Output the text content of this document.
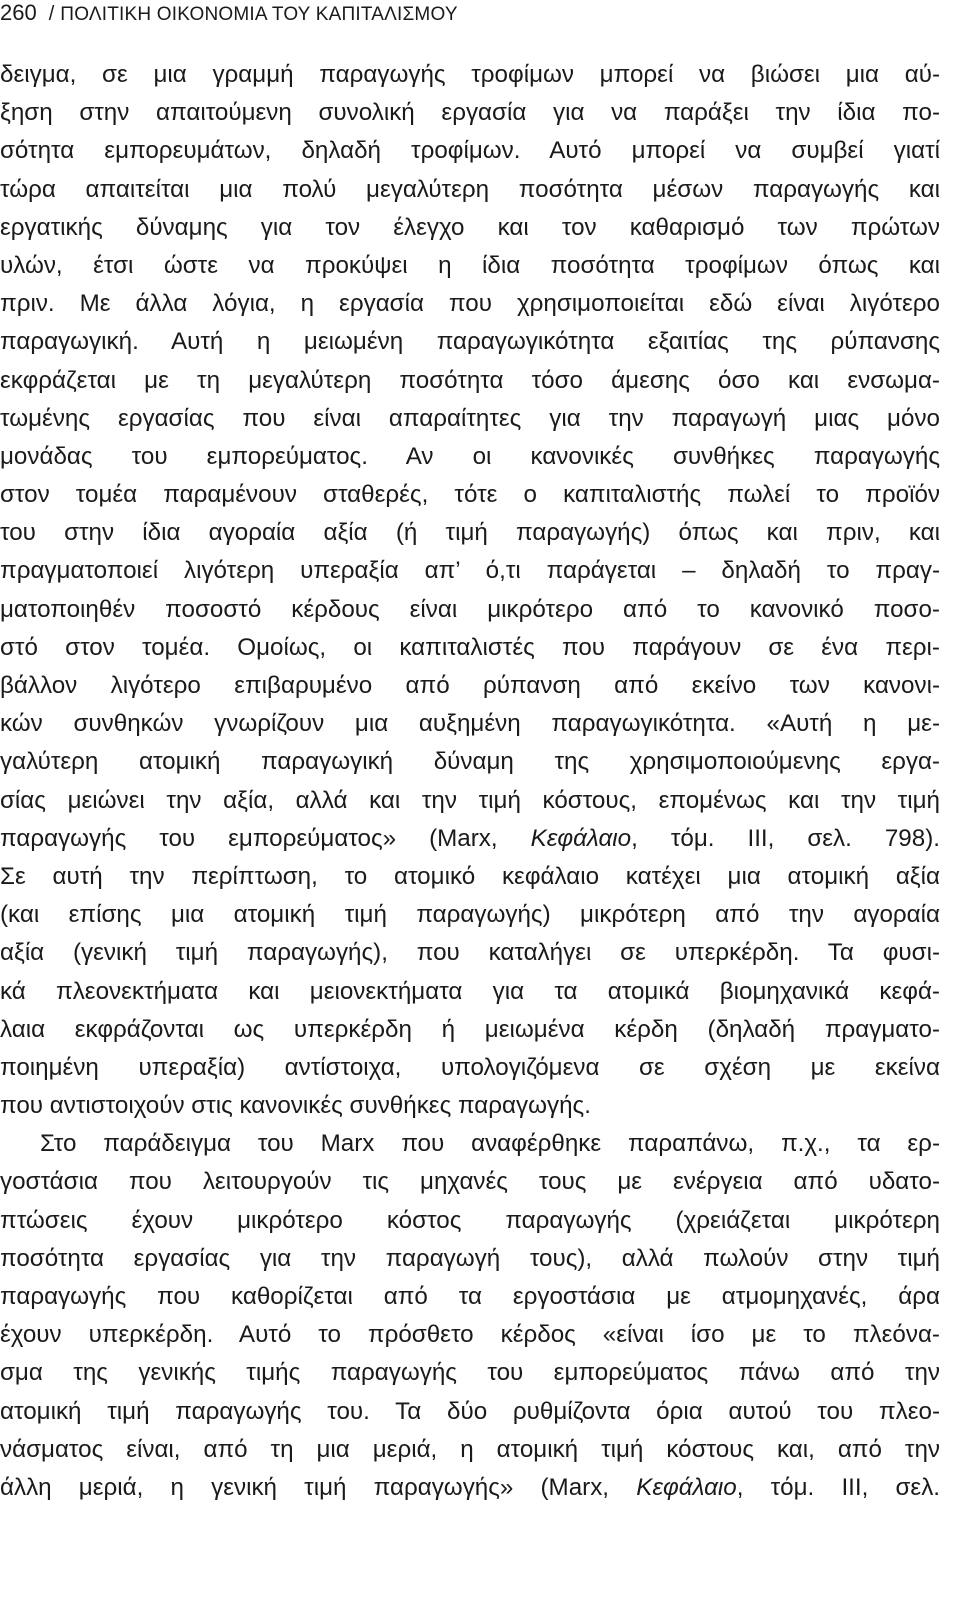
260 / ΠΟΛΙΤΙΚΗ ΟΙΚΟΝΟΜΙΑ ΤΟΥ ΚΑΠΙΤΑΛΙΣΜΟΥ
δειγμα, σε μια γραμμή παραγωγής τροφίμων μπορεί να βιώσει μια αύ-
ξηση στην απαιτούμενη συνολική εργασία για να παράξει την ίδια πο-
σότητα εμπορευμάτων, δηλαδή τροφίμων. Αυτό μπορεί να συμβεί γιατί
τώρα απαιτείται μια πολύ μεγαλύτερη ποσότητα μέσων παραγωγής και
εργατικής δύναμης για τον έλεγχο και τον καθαρισμό των πρώτων
υλών, έτσι ώστε να προκύψει η ίδια ποσότητα τροφίμων όπως και
πριν. Με άλλα λόγια, η εργασία που χρησιμοποιείται εδώ είναι λιγότερο
παραγωγική. Αυτή η μειωμένη παραγωγικότητα εξαιτίας της ρύπανσης
εκφράζεται με τη μεγαλύτερη ποσότητα τόσο άμεσης όσο και ενσωμα-
τωμένης εργασίας που είναι απαραίτητες για την παραγωγή μιας μόνο
μονάδας του εμπορεύματος. Αν οι κανονικές συνθήκες παραγωγής
στον τομέα παραμένουν σταθερές, τότε ο καπιταλιστής πωλεί το προϊόν
του στην ίδια αγοραία αξία (ή τιμή παραγωγής) όπως και πριν, και
πραγματοποιεί λιγότερη υπεραξία απ’ ό,τι παράγεται – δηλαδή το πραγ-
ματοποιηθέν ποσοστό κέρδους είναι μικρότερο από το κανονικό ποσο-
στό στον τομέα. Ομοίως, οι καπιταλιστές που παράγουν σε ένα περι-
βάλλον λιγότερο επιβαρυμένο από ρύπανση από εκείνο των κανονι-
κών συνθηκών γνωρίζουν μια αυξημένη παραγωγικότητα. «Αυτή η με-
γαλύτερη ατομική παραγωγική δύναμη της χρησιμοποιούμενης εργα-
σίας μειώνει την αξία, αλλά και την τιμή κόστους, επομένως και την τιμή
παραγωγής του εμπορεύματος» (Marx, Κεφάλαιο, τόμ. III, σελ. 798).
Σε αυτή την περίπτωση, το ατομικό κεφάλαιο κατέχει μια ατομική αξία
(και επίσης μια ατομική τιμή παραγωγής) μικρότερη από την αγοραία
αξία (γενική τιμή παραγωγής), που καταλήγει σε υπερκέρδη. Τα φυσι-
κά πλεονεκτήματα και μειονεκτήματα για τα ατομικά βιομηχανικά κεφά-
λαια εκφράζονται ως υπερκέρδη ή μειωμένα κέρδη (δηλαδή πραγματο-
ποιημένη υπεραξία) αντίστοιχα, υπολογιζόμενα σε σχέση με εκείνα
που αντιστοιχούν στις κανονικές συνθήκες παραγωγής.
Στο παράδειγμα του Marx που αναφέρθηκε παραπάνω, π.χ., τα ερ-
γοστάσια που λειτουργούν τις μηχανές τους με ενέργεια από υδατο-
πτώσεις έχουν μικρότερο κόστος παραγωγής (χρειάζεται μικρότερη
ποσότητα εργασίας για την παραγωγή τους), αλλά πωλούν στην τιμή
παραγωγής που καθορίζεται από τα εργοστάσια με ατμομηχανές, άρα
έχουν υπερκέρδη. Αυτό το πρόσθετο κέρδος «είναι ίσο με το πλεόνα-
σμα της γενικής τιμής παραγωγής του εμπορεύματος πάνω από την
ατομική τιμή παραγωγής του. Τα δύο ρυθμίζοντα όρια αυτού του πλεο-
νάσματος είναι, από τη μια μεριά, η ατομική τιμή κόστους και, από την
άλλη μεριά, η γενική τιμή παραγωγής» (Marx, Κεφάλαιο, τόμ. III, σελ.
